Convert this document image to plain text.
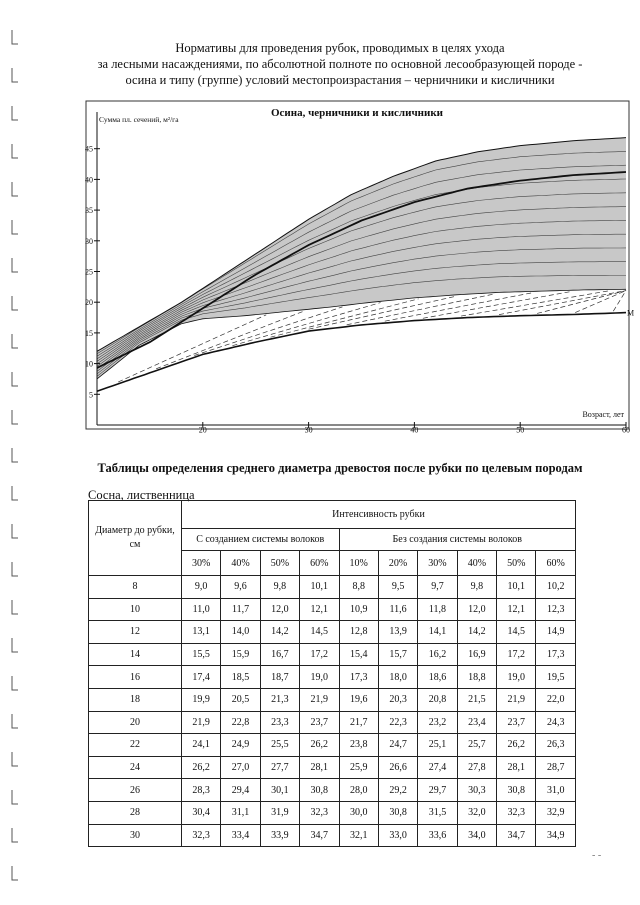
Нормативы для проведения рубок, проводимых в целях ухода
за лесными насаждениями, по абсолютной полноте по основной лесообразующей породе -
осина и типу (группе) условий местопроизрастания – черничники и кисличники
5
10
15
20
25
30
35
40
45
20	30	40	50	60
Осина, черничники и кисличники
Сумма пл. сечений, м²/га
Возраст, лет
M
Таблицы определения среднего диаметра древостоя после рубки по целевым породам
Сосна, лиственница
Диаметр до рубки, см	Интенсивность рубки									
	С созданием системы волоков				Без создания системы волоков					
	30%	40%	50%	60%	10%	20%	30%	40%	50%	60%
8	9,0	9,6	9,8	10,1	8,8	9,5	9,7	9,8	10,1	10,2
10	11,0	11,7	12,0	12,1	10,9	11,6	11,8	12,0	12,1	12,3
12	13,1	14,0	14,2	14,5	12,8	13,9	14,1	14,2	14,5	14,9
14	15,5	15,9	16,7	17,2	15,4	15,7	16,2	16,9	17,2	17,3
16	17,4	18,5	18,7	19,0	17,3	18,0	18,6	18,8	19,0	19,5
18	19,9	20,5	21,3	21,9	19,6	20,3	20,8	21,5	21,9	22,0
20	21,9	22,8	23,3	23,7	21,7	22,3	23,2	23,4	23,7	24,3
22	24,1	24,9	25,5	26,2	23,8	24,7	25,1	25,7	26,2	26,3
24	26,2	27,0	27,7	28,1	25,9	26,6	27,4	27,8	28,1	28,7
26	28,3	29,4	30,1	30,8	28,0	29,2	29,7	30,3	30,8	31,0
28	30,4	31,1	31,9	32,3	30,0	30,8	31,5	32,0	32,3	32,9
30	32,3	33,4	33,9	34,7	32,1	33,0	33,6	34,0	34,7	34,9
- -
